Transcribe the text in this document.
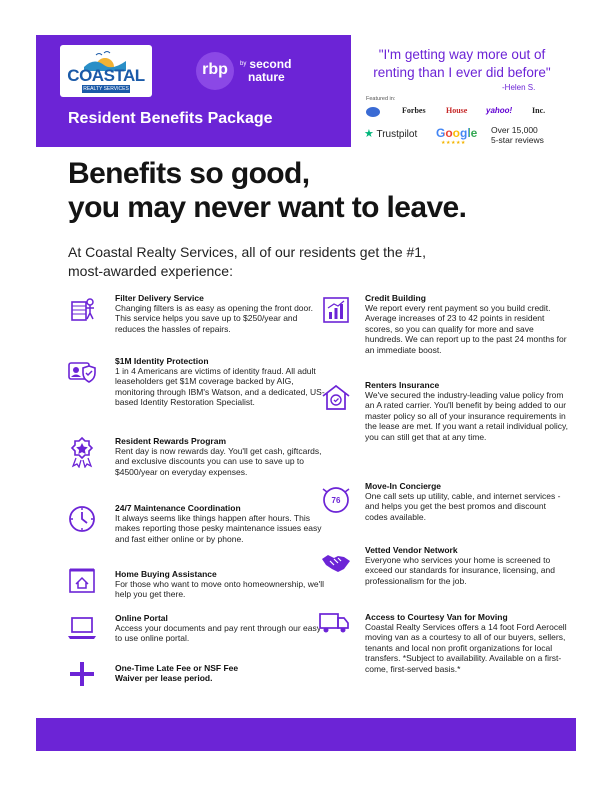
COASTAL
REALTY SERVICES
rbp	$^{by}$ second
nature
Resident Benefits Package
"I'm getting way more out of
renting than I ever did before"
-Helen S.
Featured in:
Forbes	House yahoo! Inc.
★ Trustpilot Google
★★★★★
Over 15,000
5-star reviews
Benefits so good,
you may never want to leave.
At Coastal Realty Services, all of our residents get the #1,
most-awarded experience:
Filter Delivery Service
Changing filters is as easy as opening the front door. This service helps you save up to $250/year and reduces the hassles of repairs.
$1M Identity Protection
1 in 4 Americans are victims of identity fraud. All adult leaseholders get $1M coverage backed by AIG, monitoring through IBM's Watson, and a dedicated, US-based Identity Restoration Specialist.
Resident Rewards Program
Rent day is now rewards day. You'll get cash, giftcards, and exclusive discounts you can use to save up to $4500/year on everyday expenses.
24/7 Maintenance Coordination
It always seems like things happen after hours. This makes reporting those pesky maintenance issues easy and fast either online or by phone.
Home Buying Assistance
For those who want to move onto homeownership, we'll help you get there.
Online Portal
Access your documents and pay rent through our easy to use online portal.
One-Time Late Fee or NSF Fee Waiver per lease period.
Credit Building
We report every rent payment so you build credit. Average increases of 23 to 42 points in resident scores, so you can qualify for more and save hundreds. We can report up to the past 24 months for an immediate boost.
Renters Insurance
We've secured the industry-leading value policy from an A rated carrier. You'll benefit by being added to our master policy so all of your insurance requirements in the lease are met. If you want a retail individual policy, you can still get that at any time.
76
Move-In Concierge
One call sets up utility, cable, and internet services - and helps you get the best promos and discount codes available.
Vetted Vendor Network
Everyone who services your home is screened to exceed our standards for insurance, licensing, and professionalism for the job.
Access to Courtesy Van for Moving
Coastal Realty Services offers a 14 foot Ford Aerocell moving van as a courtesy to all of our buyers, sellers, tenants and local non profit organizations for local transfers. *Subject to availability. Available on a first-come, first-served basis.*
